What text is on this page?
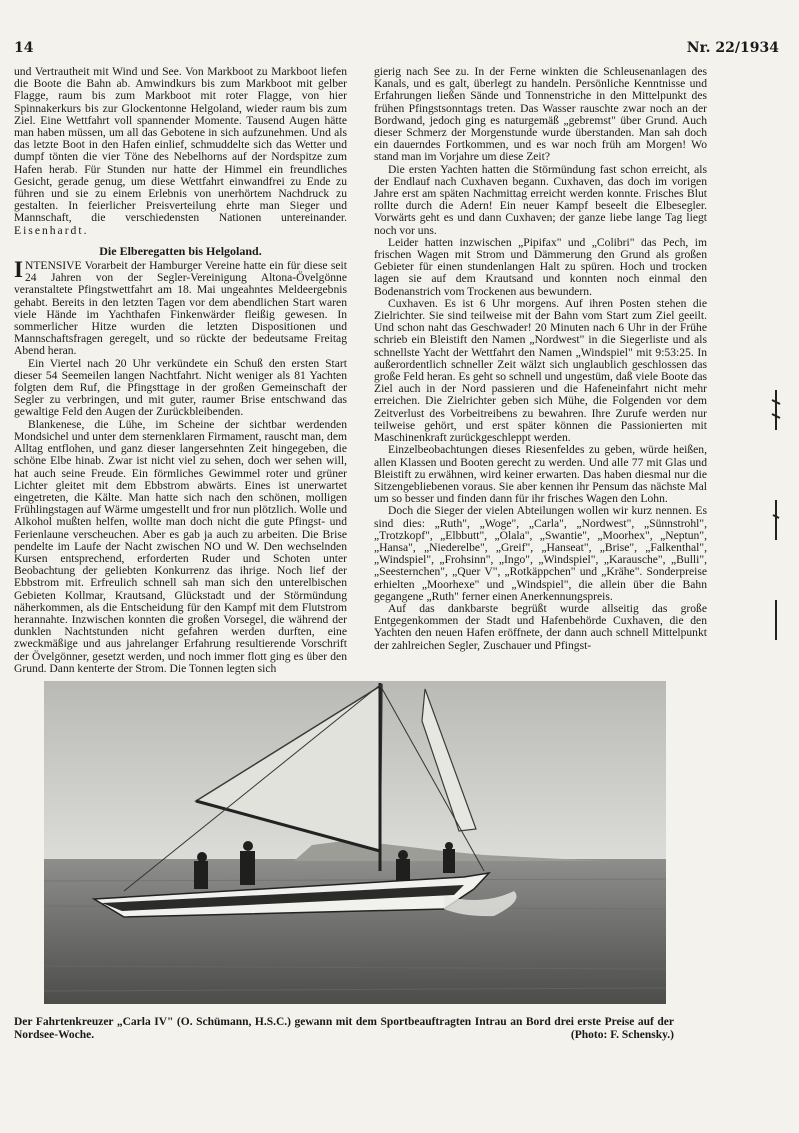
14	Nr. 22/1934

und Vertrautheit mit Wind und See. Von Markboot zu Markboot liefen die Boote die Bahn ab. Amwindkurs bis zum Markboot mit gelber Flagge, raum bis zum Markboot mit roter Flagge, von hier Spinnakerkurs bis zur Glockentonne Helgoland, wieder raum bis zum Ziel. Eine Wettfahrt voll spannender Momente. Tausend Augen hätte man haben müssen, um all das Gebotene in sich aufzunehmen. Und als das letzte Boot in den Hafen einlief, schmuddelte sich das Wetter und dumpf tönten die vier Töne des Nebelhorns auf der Nordspitze zum Hafen herab. Für Stunden nur hatte der Himmel ein freundliches Gesicht, gerade genug, um diese Wettfahrt einwandfrei zu Ende zu führen und sie zu einem Erlebnis von unerhörtem Nachdruck zu gestalten. In feierlicher Preisverteilung ehrte man Sieger und Mannschaft, die verschiedensten Nationen untereinander. Eisenhardt.

Die Elberegatten bis Helgoland.

INTENSIVE Vorarbeit der Hamburger Vereine hatte ein für diese seit 24 Jahren von der Segler-Vereinigung Altona-Övelgönne veranstaltete Pfingstwettfahrt am 18. Mai ungeahntes Meldeergebnis gehabt. Bereits in den letzten Tagen vor dem abendlichen Start waren viele Hände im Yachthafen Finkenwärder fleißig gewesen. In sommerlicher Hitze wurden die letzten Dispositionen und Mannschaftsfragen geregelt, und so rückte der bedeutsame Freitag Abend heran.

Ein Viertel nach 20 Uhr verkündete ein Schuß den ersten Start dieser 54 Seemeilen langen Nachtfahrt. Nicht weniger als 81 Yachten folgten dem Ruf, die Pfingsttage in der großen Gemeinschaft der Segler zu verbringen, und mit guter, raumer Brise entschwand das gewaltige Feld den Augen der Zurückbleibenden.

Blankenese, die Lühe, im Scheine der sichtbar werdenden Mondsichel und unter dem sternenklaren Firmament, rauscht man, dem Alltag entflohen, und ganz dieser langersehnten Zeit hingegeben, die schöne Elbe hinab. Zwar ist nicht viel zu sehen, doch wer sehen will, hat auch seine Freude. Ein förmliches Gewimmel roter und grüner Lichter gleitet mit dem Ebbstrom abwärts. Eines ist unerwartet eingetreten, die Kälte. Man hatte sich nach den schönen, molligen Frühlingstagen auf Wärme umgestellt und fror nun plötzlich. Wolle und Alkohol mußten helfen, wollte man doch nicht die gute Pfingst- und Ferienlaune verscheuchen. Aber es gab ja auch zu arbeiten. Die Brise pendelte im Laufe der Nacht zwischen NO und W. Den wechselnden Kursen entsprechend, erforderten Ruder und Schoten unter Beobachtung der geliebten Konkurrenz das ihrige. Noch lief der Ebbstrom mit. Erfreulich schnell sah man sich den unterelbischen Gebieten Kollmar, Krautsand, Glückstadt und der Störmündung näherkommen, als die Entscheidung für den Kampf mit dem Flutstrom herannahte. Inzwischen konnten die großen Vorsegel, die während der dunklen Nachtstunden nicht gefahren werden durften, eine zweckmäßige und aus jahrelanger Erfahrung resultierende Vorschrift der Övelgönner, gesetzt werden, und noch immer flott ging es über den Grund. Dann kenterte der Strom. Die Tonnen legten sich

gierig nach See zu. In der Ferne winkten die Schleusenanlagen des Kanals, und es galt, überlegt zu handeln. Persönliche Kenntnisse und Erfahrungen ließen Sände und Tonnenstriche in den Mittelpunkt des frühen Pfingstsonntags treten. Das Wasser rauschte zwar noch an der Bordwand, jedoch ging es naturgemäß „gebremst" über Grund. Auch dieser Schmerz der Morgenstunde wurde überstanden. Man sah doch ein dauerndes Fortkommen, und es war noch früh am Morgen! Wo stand man im Vorjahre um diese Zeit?

Die ersten Yachten hatten die Störmündung fast schon erreicht, als der Endlauf nach Cuxhaven begann. Cuxhaven, das doch im vorigen Jahre erst am späten Nachmittag erreicht werden konnte. Frisches Blut rollte durch die Adern! Ein neuer Kampf beseelt die Elbesegler. Vorwärts geht es und dann Cuxhaven; der ganze liebe lange Tag liegt noch vor uns.

Leider hatten inzwischen „Pipifax" und „Colibri" das Pech, im frischen Wagen mit Strom und Dämmerung den Grund als großen Gebieter für einen stundenlangen Halt zu spüren. Hoch und trocken lagen sie auf dem Krautsand und konnten noch einmal den Bodenanstrich vom Trockenen aus bewundern.

Cuxhaven. Es ist 6 Uhr morgens. Auf ihren Posten stehen die Zielrichter. Sie sind teilweise mit der Bahn vom Start zum Ziel geeilt. Und schon naht das Geschwader! 20 Minuten nach 6 Uhr in der Frühe schrieb ein Bleistift den Namen „Nordwest" in die Siegerliste und als schnellste Yacht der Wettfahrt den Namen „Windspiel" mit 9:53:25. In außerordentlich schneller Zeit wälzt sich unglaublich geschlossen das große Feld heran. Es geht so schnell und ungestüm, daß viele Boote das Ziel auch in der Nord passieren und die Hafeneinfahrt nicht mehr erreichen. Die Zielrichter geben sich Mühe, die Folgenden vor dem Zeitverlust des Vorbeitreibens zu bewahren. Ihre Zurufe werden nur teilweise gehört, und erst später können die Passionierten mit Maschinenkraft zurückgeschleppt werden.

Einzelbeobachtungen dieses Riesenfeldes zu geben, würde heißen, allen Klassen und Booten gerecht zu werden. Und alle 77 mit Glas und Bleistift zu erwähnen, wird keiner erwarten. Das haben diesmal nur die Sitzengebliebenen voraus. Sie aber kennen ihr Pensum das nächste Mal um so besser und finden dann für ihr frisches Wagen den Lohn.

Doch die Sieger der vielen Abteilungen wollen wir kurz nennen. Es sind dies: „Ruth", „Woge", „Carla", „Nordwest", „Sünnstrohl", „Trotzkopf", „Elbbutt", „Olala", „Swantie", „Moorhex", „Neptun", „Hansa", „Niederelbe", „Greif", „Hanseat", „Brise", „Falkenthal", „Windspiel", „Frohsinn", „Ingo", „Windspiel", „Karausche", „Bulli", „Seesternchen", „Quer V", „Rotkäppchen" und „Krähe". Sonderpreise erhielten „Moorhexe" und „Windspiel", die allein über die Bahn gegangene „Ruth" ferner einen Anerkennungspreis.

Auf das dankbarste begrüßt wurde allseitig das große Entgegenkommen der Stadt und Hafenbehörde Cuxhaven, die den Yachten den neuen Hafen eröffnete, der dann auch schnell Mittelpunkt der zahlreichen Segler, Zuschauer und Pfingst-

Der Fahrtenkreuzer „Carla IV" (O. Schümann, H.S.C.) gewann mit dem Sportbeauftragten Intrau an Bord drei erste Preise auf der Nordsee-Woche.	(Photo: F. Schensky.)
